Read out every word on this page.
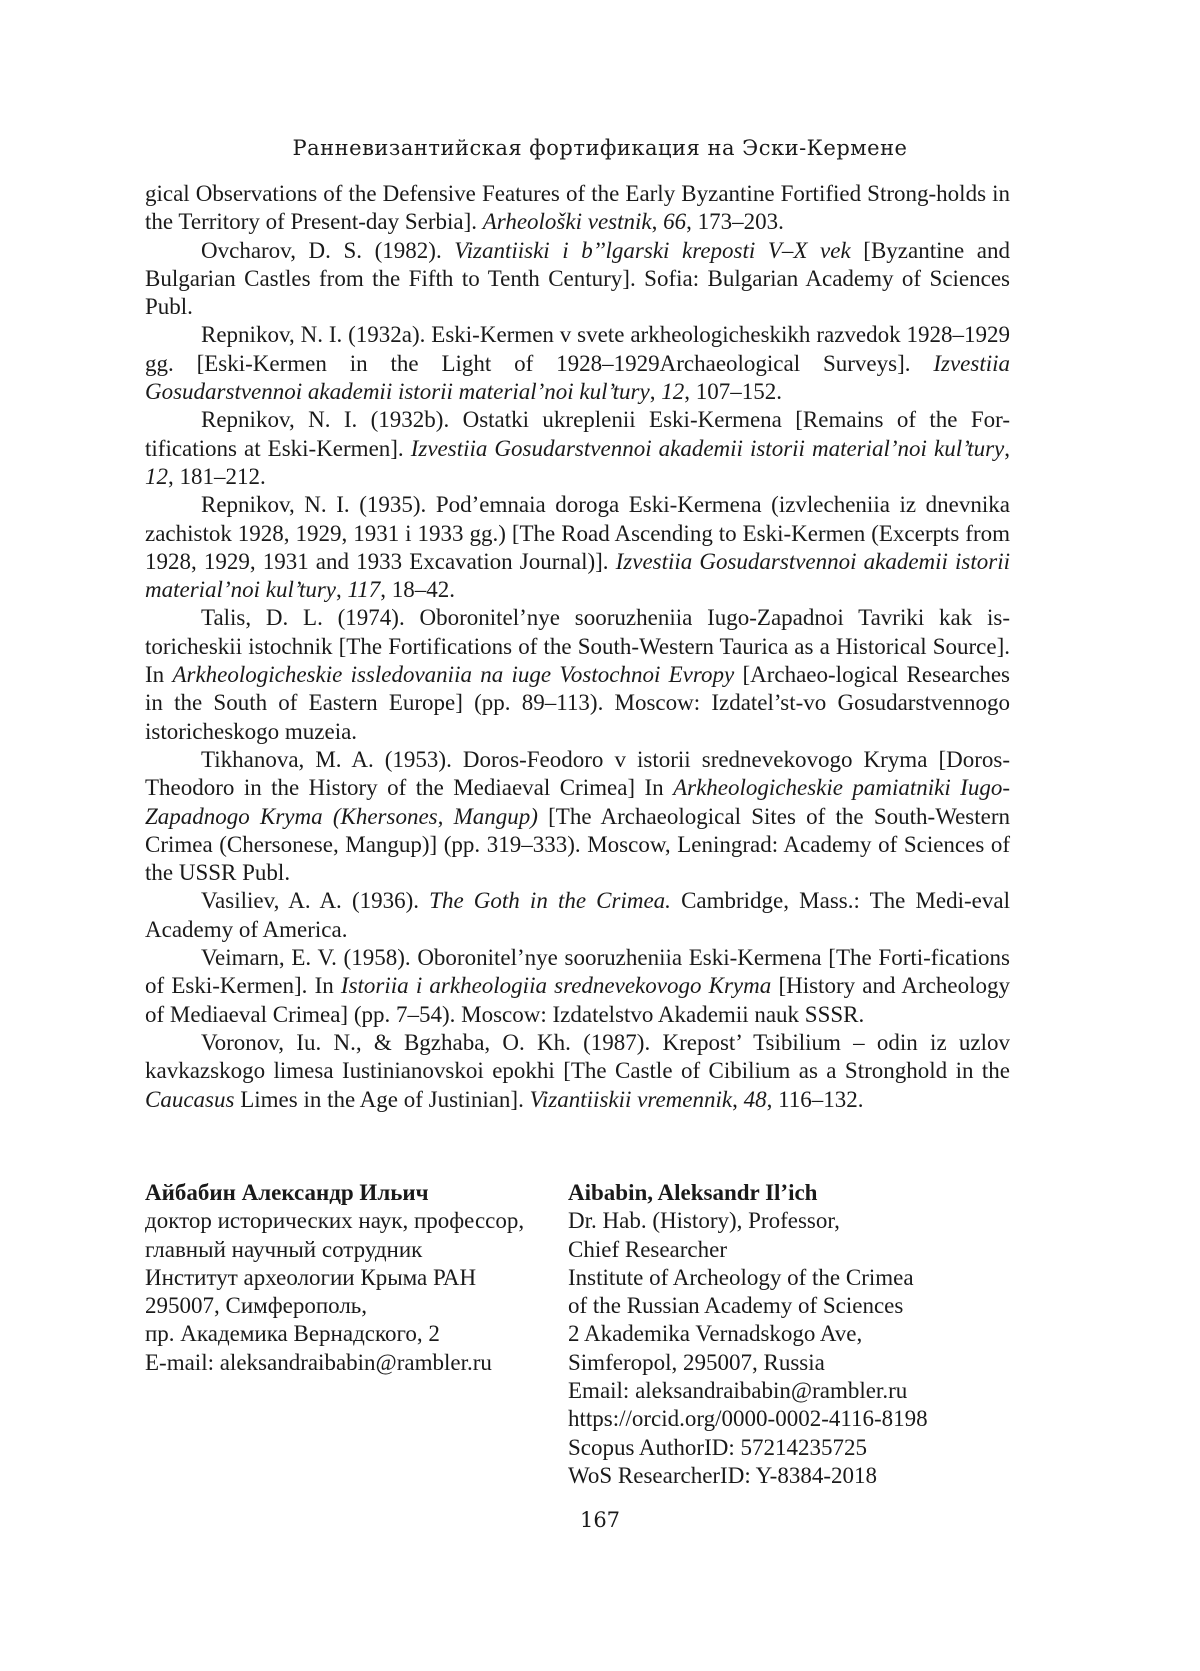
Ранневизантийская фортификация на Эски-Кермене

gical Observations of the Defensive Features of the Early Byzantine Fortified Strong-holds in the Territory of Present-day Serbia]. Arheološki vestnik, 66, 173–203.

Ovcharov, D. S. (1982). Vizantiiski i b’’lgarski kreposti V–X vek [Byzantine and Bulgarian Castles from the Fifth to Tenth Century]. Sofia: Bulgarian Academy of Sciences Publ.

Repnikov, N. I. (1932a). Eski-Kermen v svete arkheologicheskikh razvedok 1928–1929 gg. [Eski-Kermen in the Light of 1928–1929Archaeological Surveys]. Izvestiia Gosudarstvennoi akademii istorii material’noi kul’tury, 12, 107–152.

Repnikov, N. I. (1932b). Ostatki ukreplenii Eski-Kermena [Remains of the For-tifications at Eski-Kermen]. Izvestiia Gosudarstvennoi akademii istorii material’noi kul’tury, 12, 181–212.

Repnikov, N. I. (1935). Pod’emnaia doroga Eski-Kermena (izvlecheniia iz dnevnika zachistok 1928, 1929, 1931 i 1933 gg.) [The Road Ascending to Eski-Kermen (Excerpts from 1928, 1929, 1931 and 1933 Excavation Journal)]. Izvestiia Gosudarstvennoi akademii istorii material’noi kul’tury, 117, 18–42.

Talis, D. L. (1974). Oboronitel’nye sooruzheniia Iugo-Zapadnoi Tavriki kak is-toricheskii istochnik [The Fortifications of the South-Western Taurica as a Historical Source]. In Arkheologicheskie issledovaniia na iuge Vostochnoi Evropy [Archaeo-logical Researches in the South of Eastern Europe] (pp. 89–113). Moscow: Izdatel’st-vo Gosudarstvennogo istoricheskogo muzeia.

Tikhanova, M. A. (1953). Doros-Feodoro v istorii srednevekovogo Kryma [Doros-Theodoro in the History of the Mediaeval Crimea] In Arkheologicheskie pamiatniki Iugo-Zapadnogo Kryma (Khersones, Mangup) [The Archaeological Sites of the South-Western Crimea (Chersonese, Mangup)] (pp. 319–333). Moscow, Leningrad: Academy of Sciences of the USSR Publ.

Vasiliev, A. A. (1936). The Goth in the Crimea. Cambridge, Mass.: The Medi-eval Academy of America.

Veimarn, E. V. (1958). Oboronitel’nye sooruzheniia Eski-Kermena [The Forti-fications of Eski-Kermen]. In Istoriia i arkheologiia srednevekovogo Kryma [History and Archeology of Mediaeval Crimea] (pp. 7–54). Moscow: Izdatelstvo Akademii nauk SSSR.

Voronov, Iu. N., & Bgzhaba, O. Kh. (1987). Krepost’ Tsibilium – odin iz uzlov kavkazskogo limesa Iustinianovskoi epokhi [The Castle of Cibilium as a Stronghold in the Caucasus Limes in the Age of Justinian]. Vizantiiskii vremennik, 48, 116–132.

Айбабин Александр Ильич
доктор исторических наук, профессор,
главный научный сотрудник
Институт археологии Крыма РАН
295007, Симферополь,
пр. Академика Вернадского, 2
E-mail: aleksandraibabin@rambler.ru
Aibabin, Aleksandr Il’ich
Dr. Hab. (History), Professor,
Chief Researcher
Institute of Archeology of the Crimea
of the Russian Academy of Sciences
2 Akademika Vernadskogo Ave,
Simferopol, 295007, Russia
Email: aleksandraibabin@rambler.ru
https://orcid.org/0000-0002-4116-8198
Scopus AuthorID: 57214235725
WoS ResearcherID: Y-8384-2018
167
